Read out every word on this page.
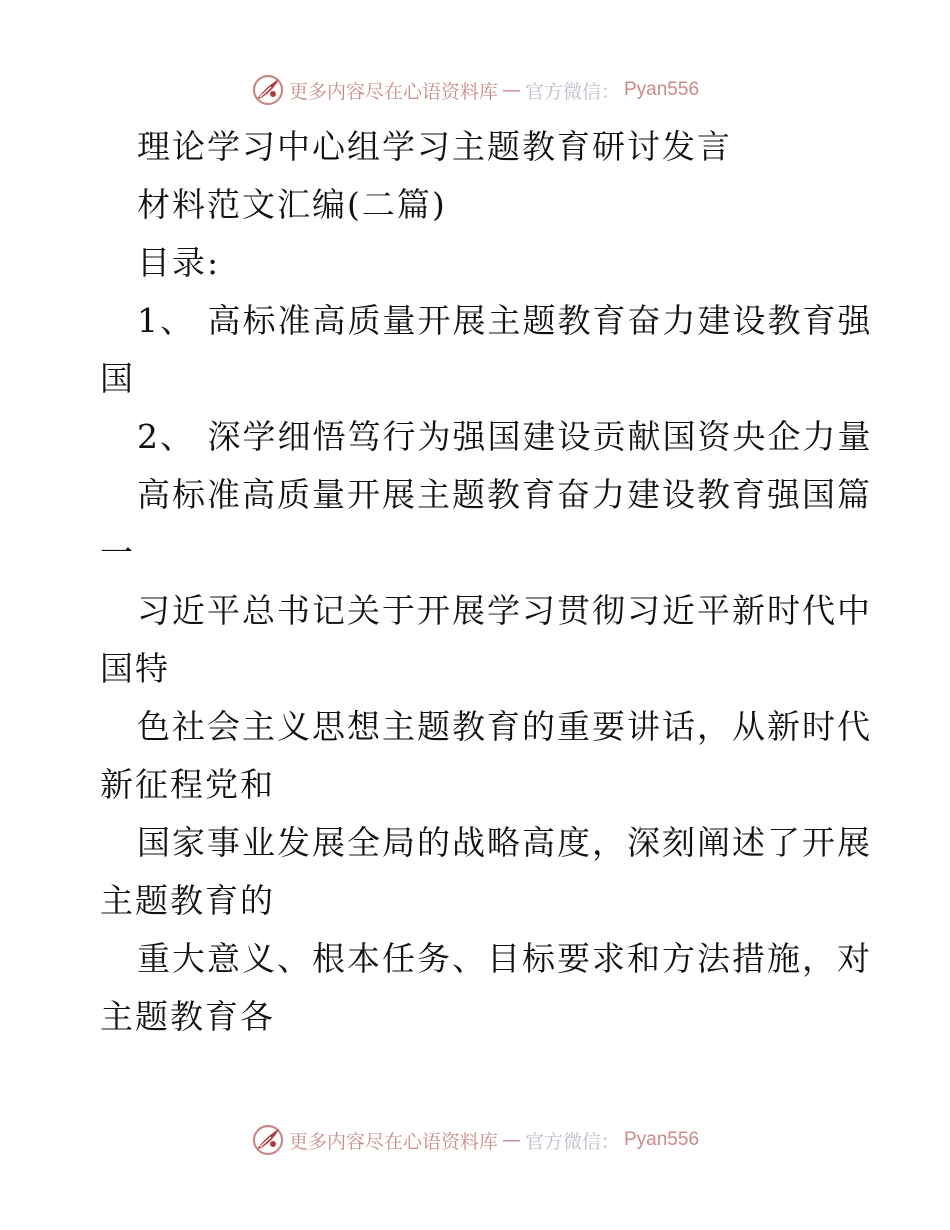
更多内容尽在心语资料库 — 官方微信： Pyan556
理论学习中心组学习主题教育研讨发言
材料范文汇编(二篇)
目录:
1、 高标准高质量开展主题教育奋力建设教育强
国
2、 深学细悟笃行为强国建设贡献国资央企力量
高标准高质量开展主题教育奋力建设教育强国篇
一
习近平总书记关于开展学习贯彻习近平新时代中
国特
色社会主义思想主题教育的重要讲话，从新时代
新征程党和
国家事业发展全局的战略高度，深刻阐述了开展
主题教育的
重大意义、根本任务、目标要求和方法措施，对
主题教育各
更多内容尽在心语资料库 — 官方微信： Pyan556
